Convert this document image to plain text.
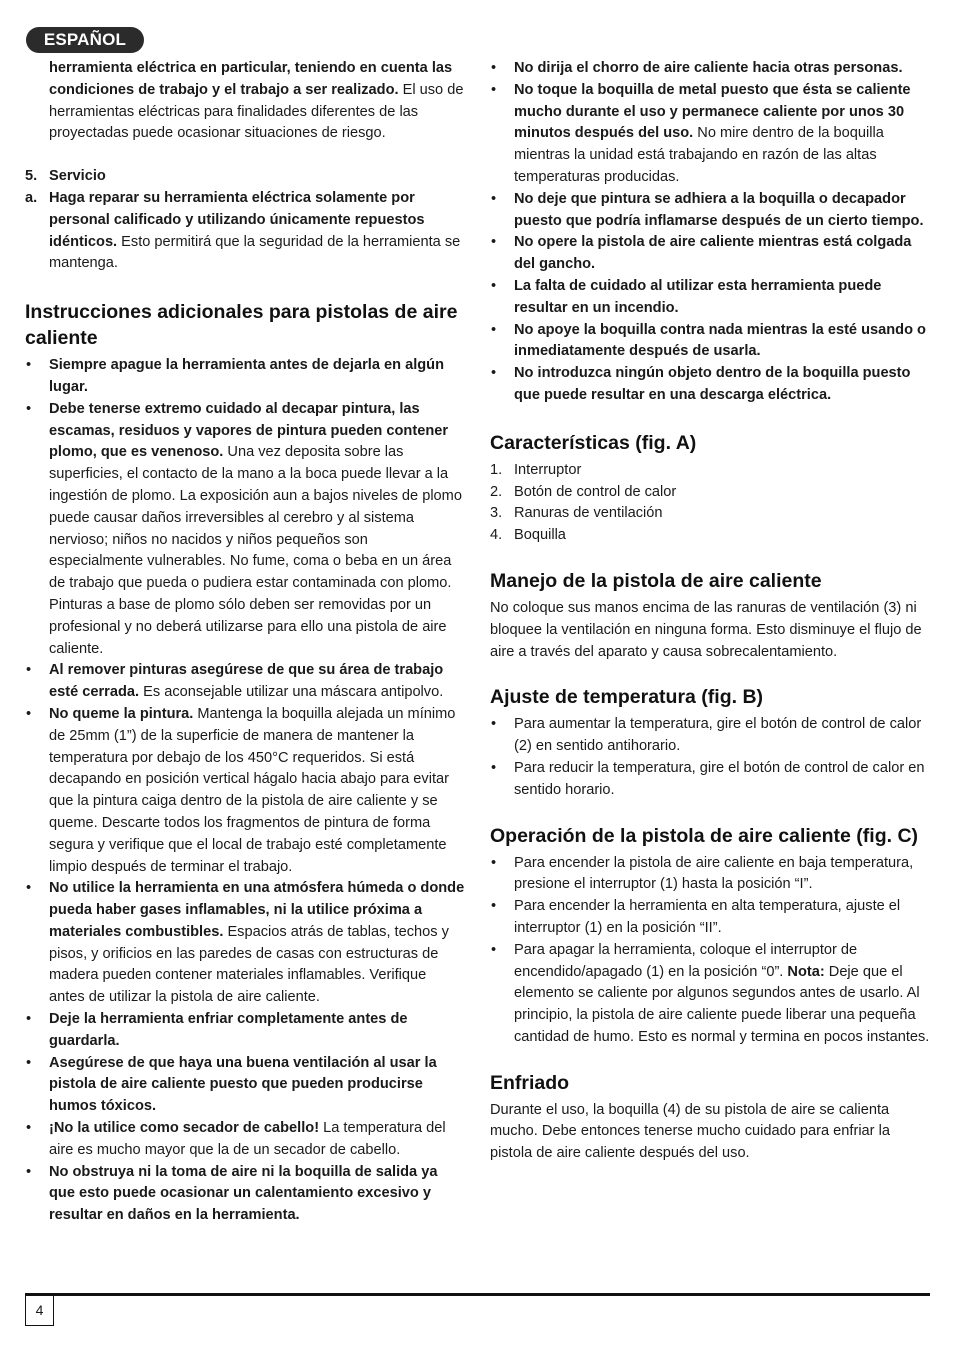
ESPAÑOL

herramienta eléctrica en particular, teniendo en cuenta las condiciones de trabajo y el trabajo a ser realizado. El uso de herramientas eléctricas para finalidades diferentes de las proyectadas puede ocasionar situaciones de riesgo.

5. Servicio
a. Haga reparar su herramienta eléctrica solamente por personal calificado y utilizando únicamente repuestos idénticos. Esto permitirá que la seguridad de la herramienta se mantenga.

Instrucciones adicionales para pistolas de aire caliente
• Siempre apague la herramienta antes de dejarla en algún lugar.
• Debe tenerse extremo cuidado al decapar pintura, las escamas, residuos y vapores de pintura pueden contener plomo, que es venenoso. Una vez deposita sobre las superficies, el contacto de la mano a la boca puede llevar a la ingestión de plomo. La exposición aun a bajos niveles de plomo puede causar daños irreversibles al cerebro y al sistema nervioso; niños no nacidos y niños pequeños son especialmente vulnerables. No fume, coma o beba en un área de trabajo que pueda o pudiera estar contaminada con plomo. Pinturas a base de plomo sólo deben ser removidas por un profesional y no deberá utilizarse para ello una pistola de aire caliente.
• Al remover pinturas asegúrese de que su área de trabajo esté cerrada. Es aconsejable utilizar una máscara antipolvo.
• No queme la pintura. Mantenga la boquilla alejada un mínimo de 25mm (1”) de la superficie de manera de mantener la temperatura por debajo de los 450°C requeridos. Si está decapando en posición vertical hágalo hacia abajo para evitar que la pintura caiga dentro de la pistola de aire caliente y se queme. Descarte todos los fragmentos de pintura de forma segura y verifique que el local de trabajo esté completamente limpio después de terminar el trabajo.
• No utilice la herramienta en una atmósfera húmeda o donde pueda haber gases inflamables, ni la utilice próxima a materiales combustibles. Espacios atrás de tablas, techos y pisos, y orificios en las paredes de casas con estructuras de madera pueden contener materiales inflamables. Verifique antes de utilizar la pistola de aire caliente.
• Deje la herramienta enfriar completamente antes de guardarla.
• Asegúrese de que haya una buena ventilación al usar la pistola de aire caliente puesto que pueden producirse humos tóxicos.
• ¡No la utilice como secador de cabello! La temperatura del aire es mucho mayor que la de un secador de cabello.
• No obstruya ni la toma de aire ni la boquilla de salida ya que esto puede ocasionar un calentamiento excesivo y resultar en daños en la herramienta.
• No dirija el chorro de aire caliente hacia otras personas.
• No toque la boquilla de metal puesto que ésta se caliente mucho durante el uso y permanece caliente por unos 30 minutos después del uso. No mire dentro de la boquilla mientras la unidad está trabajando en razón de las altas temperaturas producidas.
• No deje que pintura se adhiera a la boquilla o decapador puesto que podría inflamarse después de un cierto tiempo.
• No opere la pistola de aire caliente mientras está colgada del gancho.
• La falta de cuidado al utilizar esta herramienta puede resultar en un incendio.
• No apoye la boquilla contra nada mientras la esté usando o inmediatamente después de usarla.
• No introduzca ningún objeto dentro de la boquilla puesto que puede resultar en una descarga eléctrica.
Características (fig. A)
1. Interruptor
2. Botón de control de calor
3. Ranuras de ventilación
4. Boquilla
Manejo de la pistola de aire caliente

No coloque sus manos encima de las ranuras de ventilación (3) ni bloquee la ventilación en ninguna forma. Esto disminuye el flujo de aire a través del aparato y causa sobrecalentamiento.

Ajuste de temperatura (fig. B)
• Para aumentar la temperatura, gire el botón de control de calor (2) en sentido antihorario.
• Para reducir la temperatura, gire el botón de control de calor en sentido horario.
Operación de la pistola de aire caliente (fig. C)
• Para encender la pistola de aire caliente en baja temperatura, presione el interruptor (1) hasta la posición “I”.
• Para encender la herramienta en alta temperatura, ajuste el interruptor (1) en la posición “II”.
• Para apagar la herramienta, coloque el interruptor de encendido/apagado (1) en la posición “0”. Nota: Deje que el elemento se caliente por algunos segundos antes de usarlo. Al principio, la pistola de aire caliente puede liberar una pequeña cantidad de humo. Esto es normal y termina en pocos instantes.
Enfriado

Durante el uso, la boquilla (4) de su pistola de aire se calienta mucho. Debe entonces tenerse mucho cuidado para enfriar la pistola de aire caliente después del uso.

4
